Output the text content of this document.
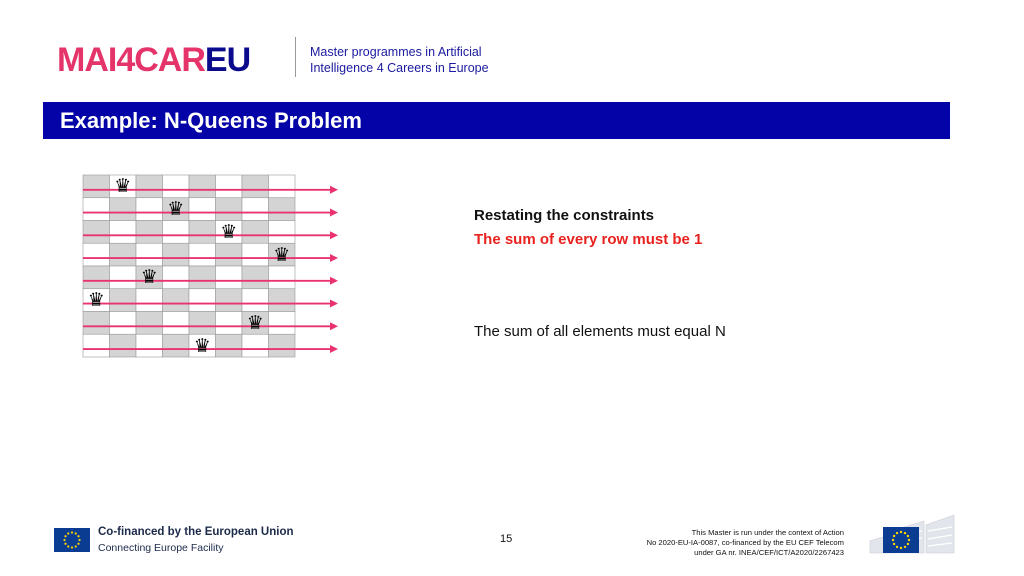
MAI4CAREU	Master programmes in Artificial
Intelligence 4 Careers in Europe
Example: N-Queens Problem
♛
♛
♛
♛
♛
♛
♛
♛
Restating the constraints
The sum of every row must be 1
The sum of all elements must equal N
Co-financed by the European Union
Connecting Europe Facility
15
This Master is run under the context of Action
No 2020-EU-IA-0087, co-financed by the EU CEF Telecom
under GA nr. INEA/CEF/ICT/A2020/2267423
